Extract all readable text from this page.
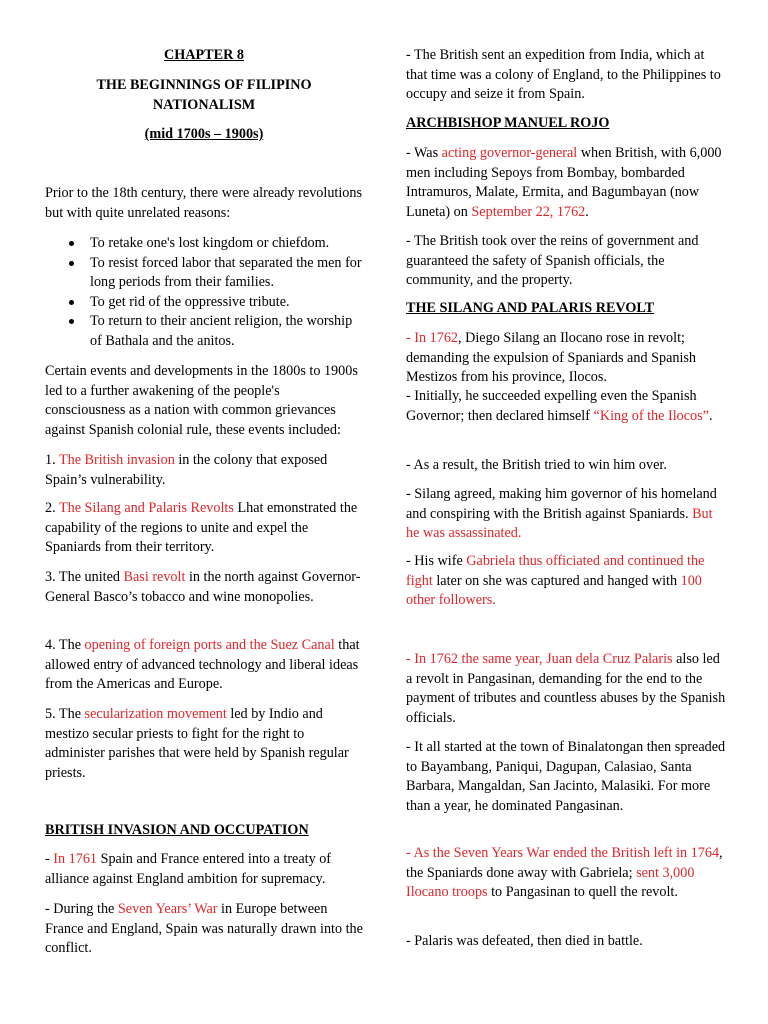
CHAPTER 8

THE BEGINNINGS OF FILIPINO
NATIONALISM

(mid 1700s – 1900s)

Prior to the 18th century, there were already revolutions but with quite unrelated reasons:

To retake one's lost kingdom or chiefdom.
To resist forced labor that separated the men for long periods from their families.
To get rid of the oppressive tribute.
To return to their ancient religion, the worship of Bathala and the anitos.

Certain events and developments in the 1800s to 1900s led to a further awakening of the people's consciousness as a nation with common grievances against Spanish colonial rule, these events included:

1. The British invasion in the colony that exposed Spain’s vulnerability.

2. The Silang and Palaris Revolts Lhat emonstrated the capability of the regions to unite and expel the Spaniards from their territory.

3. The united Basi revolt in the north against Governor-General Basco’s tobacco and wine monopolies.

4. The opening of foreign ports and the Suez Canal that allowed entry of advanced technology and liberal ideas from the Americas and Europe.

5. The secularization movement led by Indio and mestizo secular priests to fight for the right to administer parishes that were held by Spanish regular priests.

BRITISH INVASION AND OCCUPATION

- In 1761 Spain and France entered into a treaty of alliance against England ambition for supremacy.

- During the Seven Years’ War in Europe between France and England, Spain was naturally drawn into the conflict.

- The British sent an expedition from India, which at that time was a colony of England, to the Philippines to occupy and seize it from Spain.

ARCHBISHOP MANUEL ROJO

- Was acting governor-general when British, with 6,000 men including Sepoys from Bombay, bombarded Intramuros, Malate, Ermita, and Bagumbayan (now Luneta) on September 22, 1762.

- The British took over the reins of government and guaranteed the safety of Spanish officials, the community, and the property.

THE SILANG AND PALARIS REVOLT

- In 1762, Diego Silang an Ilocano rose in revolt; demanding the expulsion of Spaniards and Spanish Mestizos from his province, Ilocos.

- Initially, he succeeded expelling even the Spanish Governor; then declared himself “King of the Ilocos”.

- As a result, the British tried to win him over.

- Silang agreed, making him governor of his homeland and conspiring with the British against Spaniards. But he was assassinated.

- His wife Gabriela thus officiated and continued the fight later on she was captured and hanged with 100 other followers.

- In 1762 the same year, Juan dela Cruz Palaris also led a revolt in Pangasinan, demanding for the end to the payment of tributes and countless abuses by the Spanish officials.

- It all started at the town of Binalatongan then spreaded to Bayambang, Paniqui, Dagupan, Calasiao, Santa Barbara, Mangaldan, San Jacinto, Malasiki. For more than a year, he dominated Pangasinan.

- As the Seven Years War ended the British left in 1764, the Spaniards done away with Gabriela; sent 3,000 Ilocano troops to Pangasinan to quell the revolt.

- Palaris was defeated, then died in battle.
